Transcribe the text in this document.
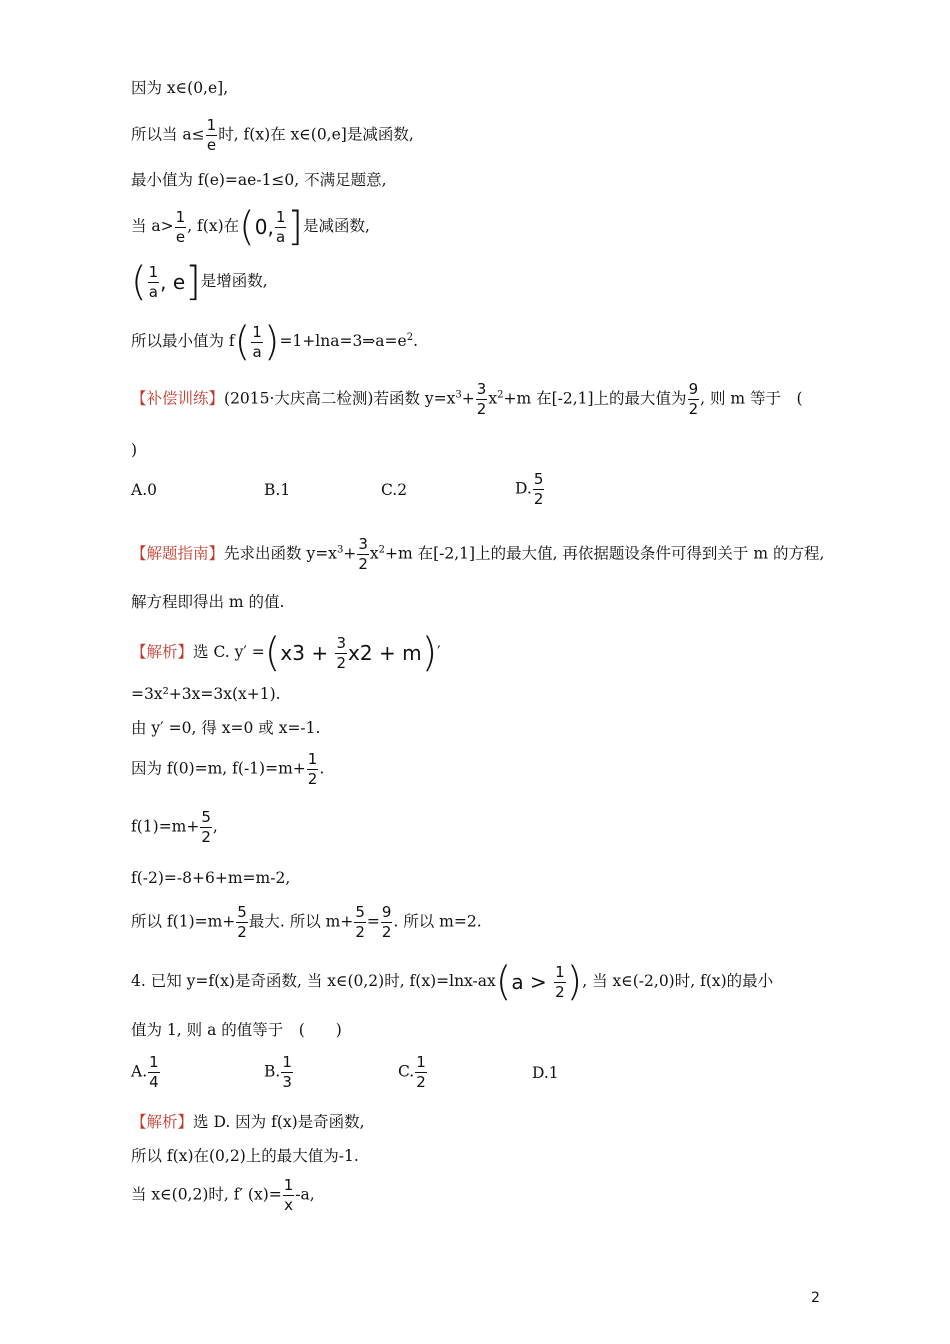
因为 x∈(0,e],
所以当 $a\le \frac{1}{e}$ 时, f(x)在 x∈(0,e]是减函数,
最小值为 f(e)=ae-1≤0, 不满足题意,
当 $a> \frac{1}{e}$ , f(x)在(0, $\frac{1}{a}$ ]是减函数,
( $\frac{1}{a}$ , e]是增函数,
所以最小值为 $f( \frac{1}{a}$ )$=1+\ln a=3\Rightarrow a=e^2$.
【补偿训练】(2015·大庆高二检测)若函数 $y=x^3+ \frac{3}{2} x^2+m$ 在[-2,1]上的最大值为 $\frac{9}{2}$ , 则 m 等于　(
)
A.0	B.1	C.2	D. $\frac{5}{2}$
【解题指南】先求出函数 $y=x^3+ \frac{3}{2} x^2+m$ 在[-2,1]上的最大值, 再依据题设条件可得到关于 m 的方程,
解方程即得出 m 的值.
【解析】选 C. $y' =(x3 + \frac{3}{2} x2 + m)'$
=3x²+3x=3x(x+1).
由 y′ =0, 得 x=0 或 x=-1.
因为 f(0)=m, $f(-1)=m+ \frac{1}{2}$ .
$f(1)=m+ \frac{5}{2}$ ,
f(-2)=-8+6+m=m-2,
所以 $f(1)=m+ \frac{5}{2}$ 最大. 所以 $m+ \frac{5}{2} = \frac{9}{2}$ . 所以 m=2.
4. 已知 y=f(x)是奇函数, 当 x∈(0,2)时, $f(x)=\ln x-ax(a > \frac{1}{2}$ ), 当 x∈(-2,0)时, f(x)的最小
值为 1, 则 a 的值等于　(　　)
A. $\frac{1}{4}$	B. $\frac{1}{3}$	C. $\frac{1}{2}$	D.1
【解析】选 D. 因为 f(x)是奇函数,
所以 f(x)在(0,2)上的最大值为-1.
当 x∈(0,2)时, f′ $(x)= \frac{1}{x} -a$,
2
